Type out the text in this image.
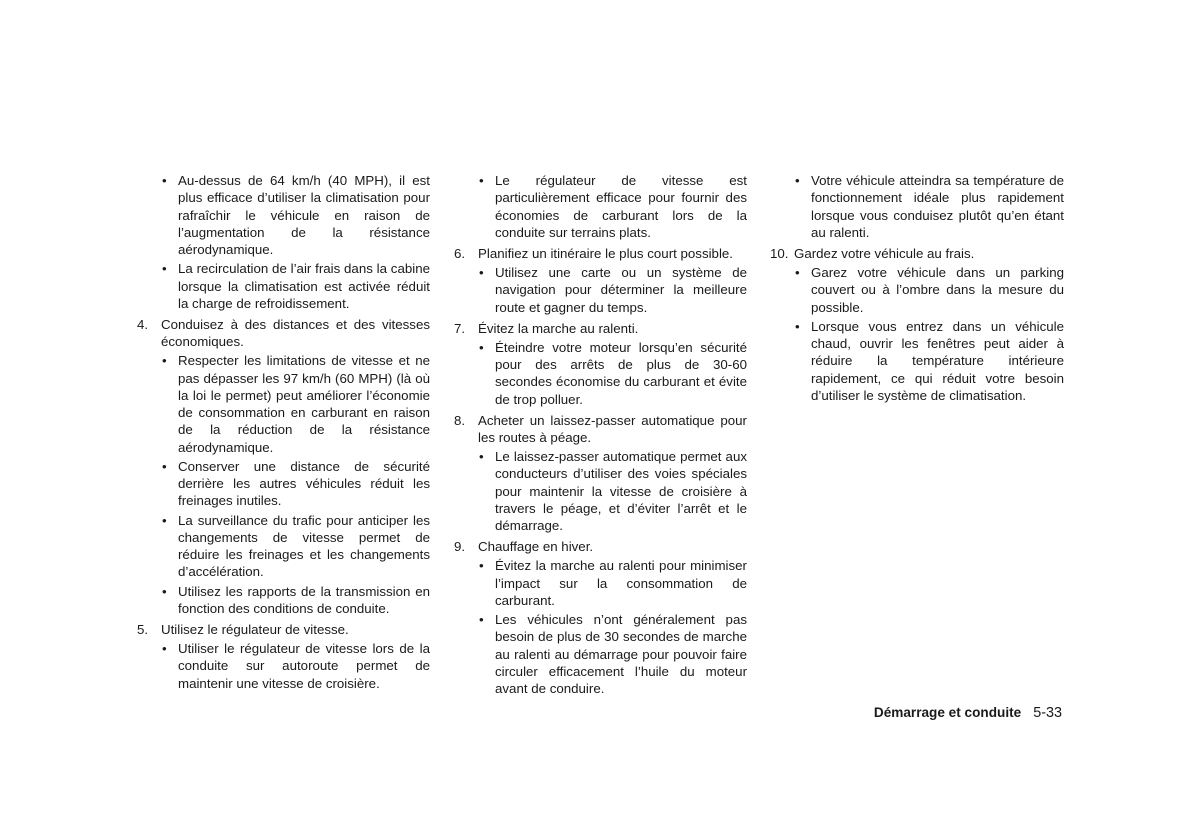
• Au-dessus de 64 km/h (40 MPH), il est plus efficace d’utiliser la climatisation pour rafraîchir le véhicule en raison de l’augmentation de la résistance aérodynamique.
• La recirculation de l’air frais dans la cabine lorsque la climatisation est activée réduit la charge de refroidissement.
4. Conduisez à des distances et des vitesses économiques.
• Respecter les limitations de vitesse et ne pas dépasser les 97 km/h (60 MPH) (là où la loi le permet) peut améliorer l’économie de consommation en carburant en raison de la réduction de la résistance aérodynamique.
• Conserver une distance de sécurité derrière les autres véhicules réduit les freinages inutiles.
• La surveillance du trafic pour anticiper les changements de vitesse permet de réduire les freinages et les changements d’accélération.
• Utilisez les rapports de la transmission en fonction des conditions de conduite.
5. Utilisez le régulateur de vitesse.
• Utiliser le régulateur de vitesse lors de la conduite sur autoroute permet de maintenir une vitesse de croisière.
• Le régulateur de vitesse est particulièrement efficace pour fournir des économies de carburant lors de la conduite sur terrains plats.
6. Planifiez un itinéraire le plus court possible.
• Utilisez une carte ou un système de navigation pour déterminer la meilleure route et gagner du temps.
7. Évitez la marche au ralenti.
• Éteindre votre moteur lorsqu’en sécurité pour des arrêts de plus de 30-60 secondes économise du carburant et évite de trop polluer.
8. Acheter un laissez-passer automatique pour les routes à péage.
• Le laissez-passer automatique permet aux conducteurs d’utiliser des voies spéciales pour maintenir la vitesse de croisière à travers le péage, et d’éviter l’arrêt et le démarrage.
9. Chauffage en hiver.
• Évitez la marche au ralenti pour minimiser l’impact sur la consommation de carburant.
• Les véhicules n’ont généralement pas besoin de plus de 30 secondes de marche au ralenti au démarrage pour pouvoir faire circuler efficacement l’huile du moteur avant de conduire.
• Votre véhicule atteindra sa température de fonctionnement idéale plus rapidement lorsque vous conduisez plutôt qu’en étant au ralenti.
10. Gardez votre véhicule au frais.
• Garez votre véhicule dans un parking couvert ou à l’ombre dans la mesure du possible.
• Lorsque vous entrez dans un véhicule chaud, ouvrir les fenêtres peut aider à réduire la température intérieure rapidement, ce qui réduit votre besoin d’utiliser le système de climatisation.
Démarrage et conduite 5-33
